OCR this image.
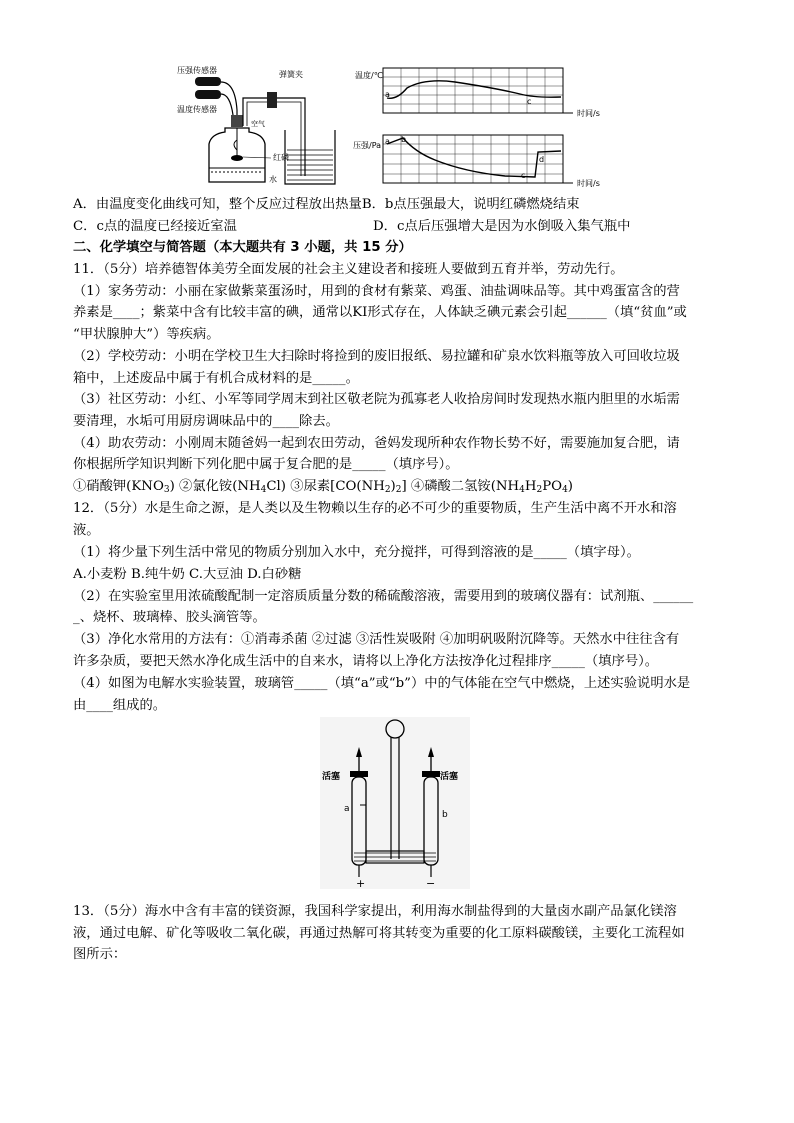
压强传感器
温度传感器
空气
红磷
弹簧夹
水
温度/℃
a
c
时间/s
压强/Pa a b
c
d
时间/s
A．由温度变化曲线可知，整个反应过程放出热量B．b点压强最大，说明红磷燃烧结束
C．c点的温度已经接近室温	D．c点后压强增大是因为水倒吸入集气瓶中
二、化学填空与简答题（本大题共有 3 小题，共 15 分）
11．（5分）培养德智体美劳全面发展的社会主义建设者和接班人要做到五育并举，劳动先行。
（1）家务劳动：小丽在家做紫菜蛋汤时，用到的食材有紫菜、鸡蛋、油盐调味品等。其中鸡蛋富含的营
养素是____；紫菜中含有比较丰富的碘，通常以KI形式存在，人体缺乏碘元素会引起______（填“贫血”或
“甲状腺肿大”）等疾病。
（2）学校劳动：小明在学校卫生大扫除时将捡到的废旧报纸、易拉罐和矿泉水饮料瓶等放入可回收垃圾
箱中，上述废品中属于有机合成材料的是_____。
（3）社区劳动：小红、小军等同学周末到社区敬老院为孤寡老人收拾房间时发现热水瓶内胆里的水垢需
要清理，水垢可用厨房调味品中的____除去。
（4）助农劳动：小刚周末随爸妈一起到农田劳动，爸妈发现所种农作物长势不好，需要施加复合肥，请
你根据所学知识判断下列化肥中属于复合肥的是_____（填序号）。
①硝酸钾$(KNO_3)$ ②氯化铵$(NH_4Cl)$ ③尿素$[CO(NH_2)_2]$ ④磷酸二氢铵$(NH_4H_2PO_4)$
12．（5分）水是生命之源，是人类以及生物赖以生存的必不可少的重要物质，生产生活中离不开水和溶
液。
（1）将少量下列生活中常见的物质分别加入水中，充分搅拌，可得到溶液的是_____（填字母）。
A.小麦粉 B.纯牛奶 C.大豆油 D.白砂糖
（2）在实验室里用浓硫酸配制一定溶质质量分数的稀硫酸溶液，需要用到的玻璃仪器有：试剂瓶、______
_、烧杯、玻璃棒、胶头滴管等。
（3）净化水常用的方法有：①消毒杀菌 ②过滤 ③活性炭吸附 ④加明矾吸附沉降等。天然水中往往含有
许多杂质，要把天然水净化成生活中的自来水，请将以上净化方法按净化过程排序_____（填序号）。
（4）如图为电解水实验装置，玻璃管_____（填“a”或“b”）中的气体能在空气中燃烧，上述实验说明水是
由____组成的。
活塞
a
活塞
b
+	−
13．（5分）海水中含有丰富的镁资源，我国科学家提出，利用海水制盐得到的大量卤水副产品氯化镁溶
液，通过电解、矿化等吸收二氧化碳，再通过热解可将其转变为重要的化工原料碳酸镁，主要化工流程如
图所示：
